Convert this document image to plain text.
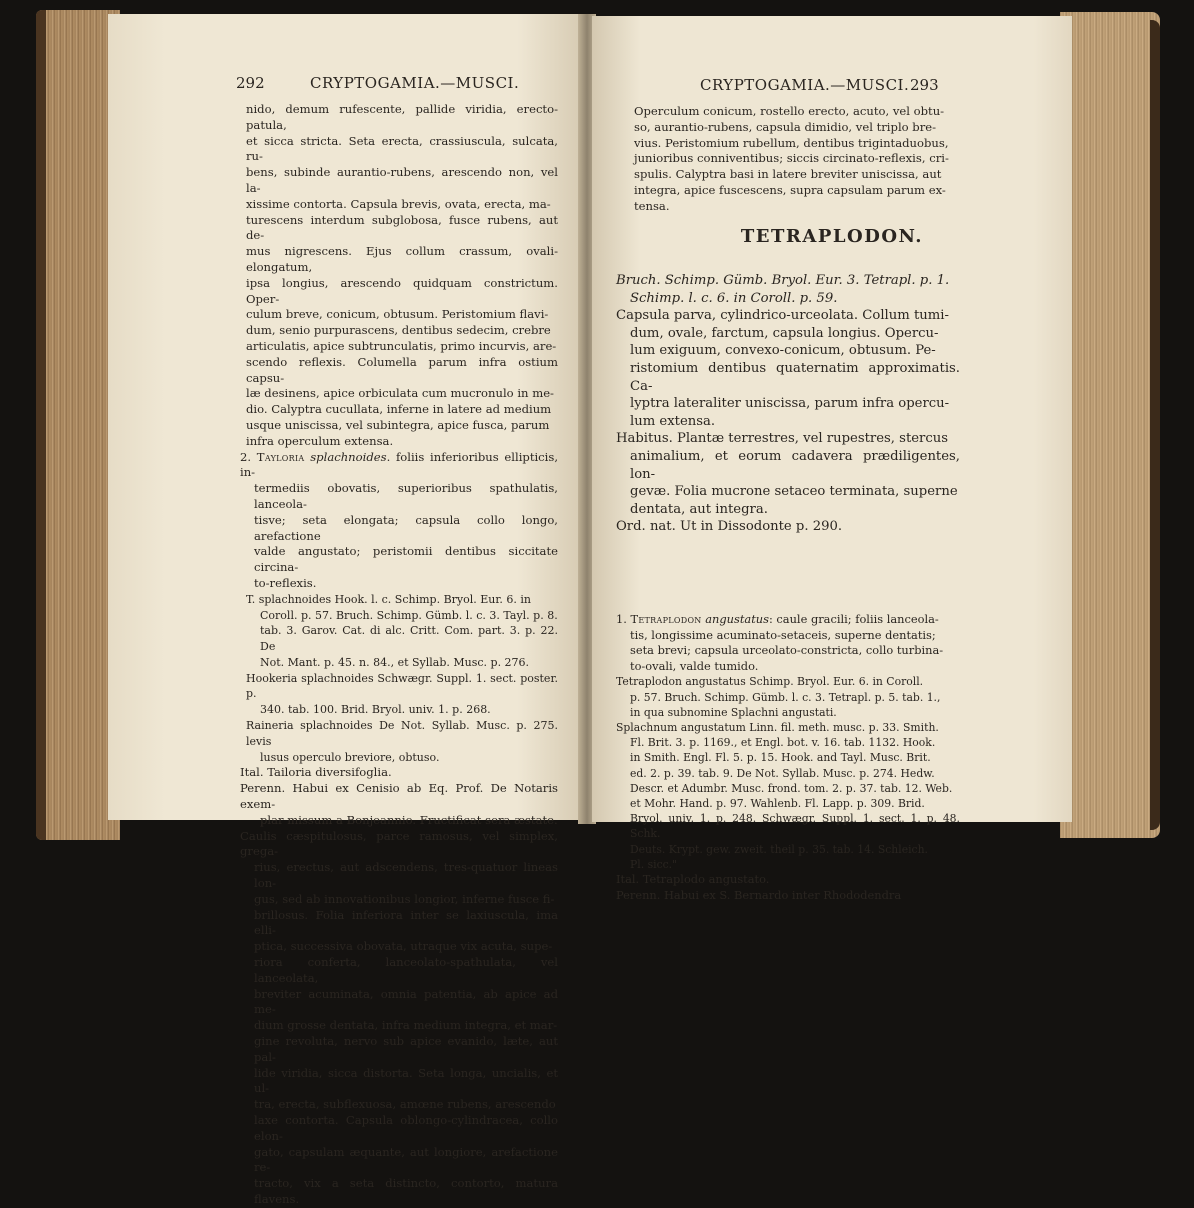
292	CRYPTOGAMIA.—MUSCI.

nido, demum rufescente, pallide viridia, erecto-patula,

et sicca stricta. Seta erecta, crassiuscula, sulcata, ru-

bens, subinde aurantio-rubens, arescendo non, vel la-

xissime contorta. Capsula brevis, ovata, erecta, ma-

turescens interdum subglobosa, fusce rubens, aut de-

mus nigrescens. Ejus collum crassum, ovali-elongatum,

ipsa longius, arescendo quidquam constrictum. Oper-

culum breve, conicum, obtusum. Peristomium flavi-

dum, senio purpurascens, dentibus sedecim, crebre

articulatis, apice subtrunculatis, primo incurvis, are-

scendo reflexis. Columella parum infra ostium capsu-

læ desinens, apice orbiculata cum mucronulo in me-

dio. Calyptra cucullata, inferne in latere ad medium

usque uniscissa, vel subintegra, apice fusca, parum

infra operculum extensa.

2. Tayloria splachnoides. foliis inferioribus ellipticis, in-

termediis obovatis, superioribus spathulatis, lanceola-

tisve; seta elongata; capsula collo longo, arefactione

valde angustato; peristomii dentibus siccitate circina-

to-reflexis.

T. splachnoides Hook. l. c. Schimp. Bryol. Eur. 6. in

Coroll. p. 57. Bruch. Schimp. Gümb. l. c. 3. Tayl. p. 8.

tab. 3. Garov. Cat. di alc. Critt. Com. part. 3. p. 22. De

Not. Mant. p. 45. n. 84., et Syllab. Musc. p. 276.

Hookeria splachnoides Schwægr. Suppl. 1. sect. poster. p.

340. tab. 100. Brid. Bryol. univ. 1. p. 268.

Raineria splachnoides De Not. Syllab. Musc. p. 275. levis

lusus operculo breviore, obtuso.

Ital. Tailoria diversifoglia.

Perenn. Habui ex Cenisio ab Eq. Prof. De Notaris exem-

plar missum a Bonjeannio. Fructificat sera æstate.

Caulis cæspitulosus, parce ramosus, vel simplex, grega-

rius, erectus, aut adscendens, tres-quatuor lineas lon-

gus, sed ab innovationibus longior, inferne fusce fi-

brillosus. Folia inferiora inter se laxiuscula, ima elli-

ptica, successiva obovata, utraque vix acuta, supe-

riora conferta, lanceolato-spathulata, vel lanceolata,

breviter acuminata, omnia patentia, ab apice ad me-

dium grosse dentata, infra medium integra, et mar-

gine revoluta, nervo sub apice evanido, læte, aut pal-

lide viridia, sicca distorta. Seta longa, uncialis, et ul-

tra, erecta, subflexuosa, amœne rubens, arescendo

laxe contorta. Capsula oblongo-cylindracea, collo elon-

gato, capsulam æquante, aut longiore, arefactione re-

tracto, vix a seta distincto, contorto, matura flavens.

CRYPTOGAMIA.—MUSCI. 293

Operculum conicum, rostello erecto, acuto, vel obtu-

so, aurantio-rubens, capsula dimidio, vel triplo bre-

vius. Peristomium rubellum, dentibus trigintaduobus,

junioribus conniventibus; siccis circinato-reflexis, cri-

spulis. Calyptra basi in latere breviter uniscissa, aut

integra, apice fuscescens, supra capsulam parum ex-

tensa.

TETRAPLODON.

Bruch. Schimp. Gümb. Bryol. Eur. 3. Tetrapl. p. 1.

Schimp. l. c. 6. in Coroll. p. 59.

Capsula parva, cylindrico-urceolata. Collum tumi-

dum, ovale, farctum, capsula longius. Opercu-

lum exiguum, convexo-conicum, obtusum. Pe-

ristomium dentibus quaternatim approximatis. Ca-

lyptra lateraliter uniscissa, parum infra opercu-

lum extensa.

Habitus. Plantæ terrestres, vel rupestres, stercus

animalium, et eorum cadavera prædiligentes, lon-

gevæ. Folia mucrone setaceo terminata, superne

dentata, aut integra.

Ord. nat. Ut in Dissodonte p. 290.

1. Tetraplodon angustatus: caule gracili; foliis lanceola-

tis, longissime acuminato-setaceis, superne dentatis;

seta brevi; capsula urceolato-constricta, collo turbina-

to-ovali, valde tumido.

Tetraplodon angustatus Schimp. Bryol. Eur. 6. in Coroll.

p. 57. Bruch. Schimp. Gümb. l. c. 3. Tetrapl. p. 5. tab. 1.,

in qua subnomine Splachni angustati.

Splachnum angustatum Linn. fil. meth. musc. p. 33. Smith.

Fl. Brit. 3. p. 1169., et Engl. bot. v. 16. tab. 1132. Hook.

in Smith. Engl. Fl. 5. p. 15. Hook. and Tayl. Musc. Brit.

ed. 2. p. 39. tab. 9. De Not. Syllab. Musc. p. 274. Hedw.

Descr. et Adumbr. Musc. frond. tom. 2. p. 37. tab. 12. Web.

et Mohr. Hand. p. 97. Wahlenb. Fl. Lapp. p. 309. Brid.

Bryol. univ. 1. p. 248. Schwægr. Suppl. 1. sect. 1. p. 48. Schk.

Deuts. Krypt. gew. zweit. theil p. 35. tab. 14. Schleich.

Pl. sicc."

Ital. Tetraplodo angustato.

Perenn. Habui ex S. Bernardo inter Rhododendra
